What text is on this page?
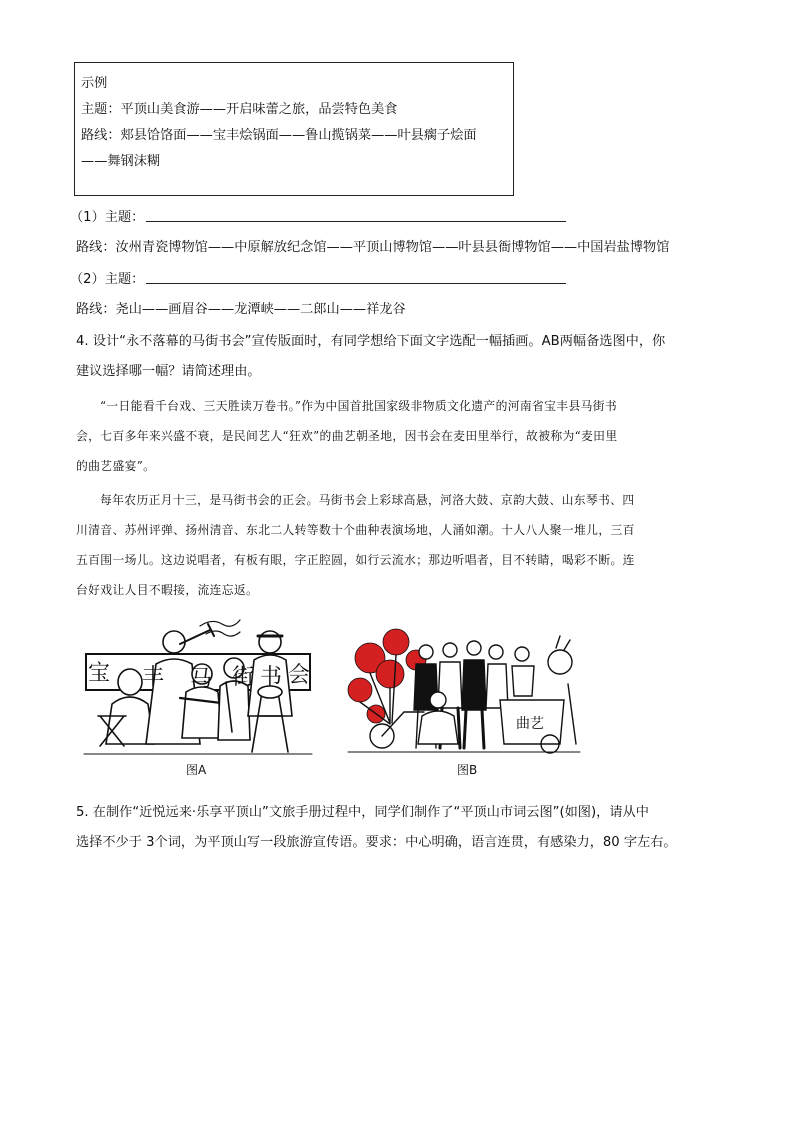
示例
主题：平顶山美食游——开启味蕾之旅，品尝特色美食
路线：郏县饸饹面——宝丰烩锅面——鲁山揽锅菜——叶县瘸子烩面
——舞钢沫糊
（1）主题：
路线：汝州青瓷博物馆——中原解放纪念馆——平顶山博物馆——叶县县衙博物馆——中国岩盐博物馆
（2）主题：
路线：尧山——画眉谷——龙潭峡——二郎山——祥龙谷
4. 设计“永不落幕的马街书会”宣传版面时，有同学想给下面文字选配一幅插画。AB两幅备选图中，你
建议选择哪一幅？请简述理由。
“一日能看千台戏、三天胜读万卷书。”作为中国首批国家级非物质文化遗产的河南省宝丰县马街书
会，七百多年来兴盛不衰，是民间艺人“狂欢”的曲艺朝圣地，因书会在麦田里举行，故被称为“麦田里
的曲艺盛宴”。
每年农历正月十三，是马街书会的正会。马街书会上彩球高悬，河洛大鼓、京韵大鼓、山东琴书、四
川清音、苏州评弹、扬州清音、东北二人转等数十个曲种表演场地，人涌如潮。十人八人聚一堆儿，三百
五百围一场儿。这边说唱者，有板有眼，字正腔圆，如行云流水；那边听唱者，目不转睛，喝彩不断。连
台好戏让人目不暇接，流连忘返。
宝 丰 马 街 书 会
图A
曲艺
图B
5. 在制作“近悦远来·乐享平顶山”文旅手册过程中，同学们制作了“平顶山市词云图”(如图)，请从中
选择不少于 3个词，为平顶山写一段旅游宣传语。要求：中心明确，语言连贯，有感染力，80 字左右。
